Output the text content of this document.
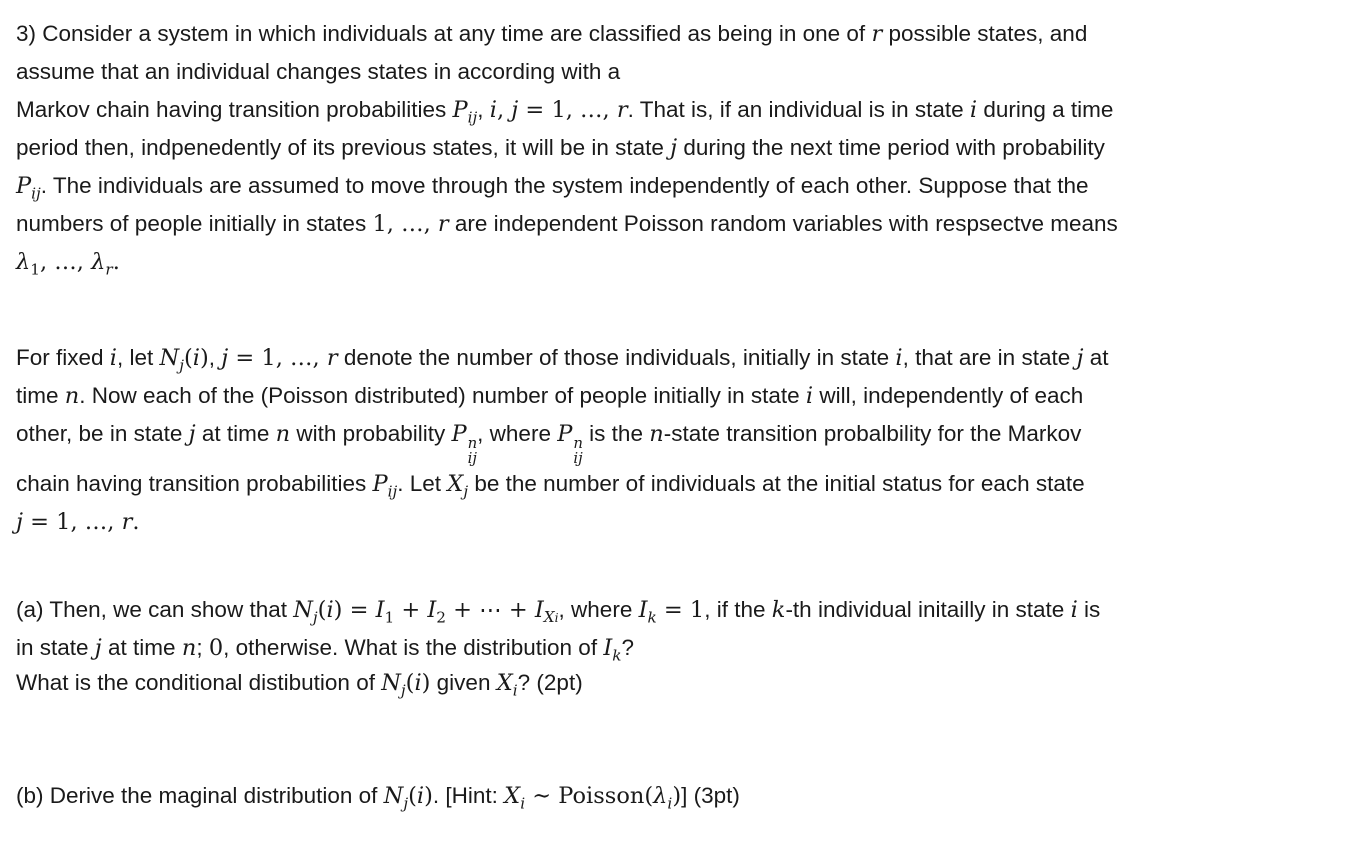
3) Consider a system in which individuals at any time are classified as being in one of r possible states, and
assume that an individual changes states in according with a
Markov chain having transition probabilities $P_{ij}$, i, j = 1, …, r. That is, if an individual is in state i during a time
period then, indpenedently of its previous states, it will be in state j during the next time period with probability
$P_{ij}$. The individuals are assumed to move through the system independently of each other. Suppose that the
numbers of people initially in states 1, …, r are independent Poisson random variables with respsectve means
$\lambda_1$, …, $\lambda_r$.
For fixed i, let $N_j(i)$, j = 1, …, r denote the number of those individuals, initially in state i, that are in state j at
time n. Now each of the (Poisson distributed) number of people initially in state i will, independently of each
other, be in state j at time n with probability P n
ij
, where P n
ij
is the n-state transition probalbility for the Markov
chain having transition probabilities $P_{ij}$. Let $X_j$ be the number of individuals at the initial status for each state
j = 1, …, r.
(a) Then, we can show that $N_j(i) = I_1 + I_2$ + ⋯ + $I_{Xi}$, where $I_k = 1$, if the k-th individual initailly in state i is
in state j at time n; 0, otherwise. What is the distribution of $I_k$?
What is the conditional distibution of $N_j(i)$ given $X_i$? (2pt)
(b) Derive the maginal distribution of $N_j(i)$. [Hint: $X_i$ ∼ $Poisson(\lambda_i)$] (3pt)
